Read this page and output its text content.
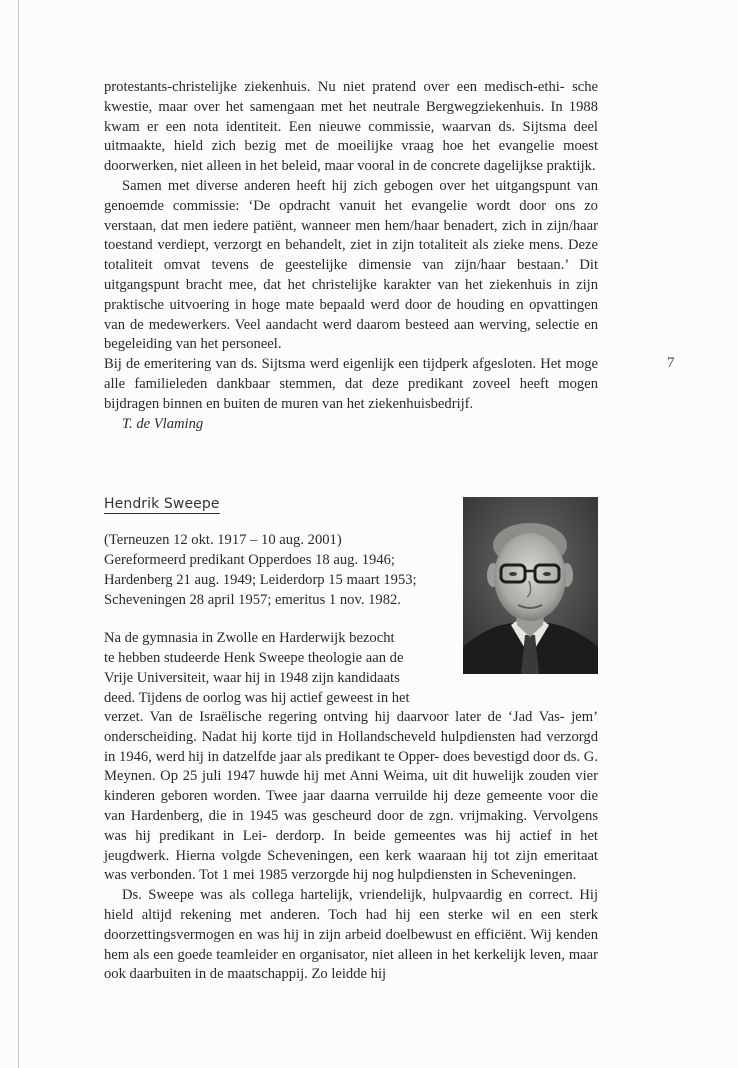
7

protestants-christelijke ziekenhuis. Nu niet pratend over een medisch-ethi- sche kwestie, maar over het samengaan met het neutrale Bergwegziekenhuis. In 1988 kwam er een nota identiteit. Een nieuwe commissie, waarvan ds. Sijtsma deel uitmaakte, hield zich bezig met de moeilijke vraag hoe het evangelie moest doorwerken, niet alleen in het beleid, maar vooral in de concrete dagelijkse praktijk.

Samen met diverse anderen heeft hij zich gebogen over het uitgangspunt van genoemde commissie: ‘De opdracht vanuit het evangelie wordt door ons zo verstaan, dat men iedere patiënt, wanneer men hem/haar benadert, zich in zijn/haar toestand verdiept, verzorgt en behandelt, ziet in zijn totaliteit als zieke mens. Deze totaliteit omvat tevens de geestelijke dimensie van zijn/haar bestaan.’ Dit uitgangspunt bracht mee, dat het christelijke karakter van het ziekenhuis in zijn praktische uitvoering in hoge mate bepaald werd door de houding en opvattingen van de medewerkers. Veel aandacht werd daarom besteed aan werving, selectie en begeleiding van het personeel.

Bij de emeritering van ds. Sijtsma werd eigenlijk een tijdperk afgesloten. Het moge alle familieleden dankbaar stemmen, dat deze predikant zoveel heeft mogen bijdragen binnen en buiten de muren van het ziekenhuisbedrijf.

T. de Vlaming

Hendrik Sweepe

(Terneuzen 12 okt. 1917 – 10 aug. 2001)

Gereformeerd predikant Opperdoes 18 aug. 1946;

Hardenberg 21 aug. 1949; Leiderdorp 15 maart 1953;

Scheveningen 28 april 1957; emeritus 1 nov. 1982.

Na de gymnasia in Zwolle en Harderwijk bezocht

te hebben studeerde Henk Sweepe theologie aan de

Vrije Universiteit, waar hij in 1948 zijn kandidaats

deed. Tijdens de oorlog was hij actief geweest in het

verzet. Van de Israëlische regering ontving hij daarvoor later de ‘Jad Vas- jem’ onderscheiding. Nadat hij korte tijd in Hollandscheveld hulpdiensten had verzorgd in 1946, werd hij in datzelfde jaar als predikant te Opper- does bevestigd door ds. G. Meynen. Op 25 juli 1947 huwde hij met Anni Weima, uit dit huwelijk zouden vier kinderen geboren worden. Twee jaar daarna verruilde hij deze gemeente voor die van Hardenberg, die in 1945 was gescheurd door de zgn. vrijmaking. Vervolgens was hij predikant in Lei- derdorp. In beide gemeentes was hij actief in het jeugdwerk. Hierna volgde Scheveningen, een kerk waaraan hij tot zijn emeritaat was verbonden. Tot 1 mei 1985 verzorgde hij nog hulpdiensten in Scheveningen.

Ds. Sweepe was als collega hartelijk, vriendelijk, hulpvaardig en correct. Hij hield altijd rekening met anderen. Toch had hij een sterke wil en een sterk doorzettingsvermogen en was hij in zijn arbeid doelbewust en efficiënt. Wij kenden hem als een goede teamleider en organisator, niet alleen in het kerkelijk leven, maar ook daarbuiten in de maatschappij. Zo leidde hij
